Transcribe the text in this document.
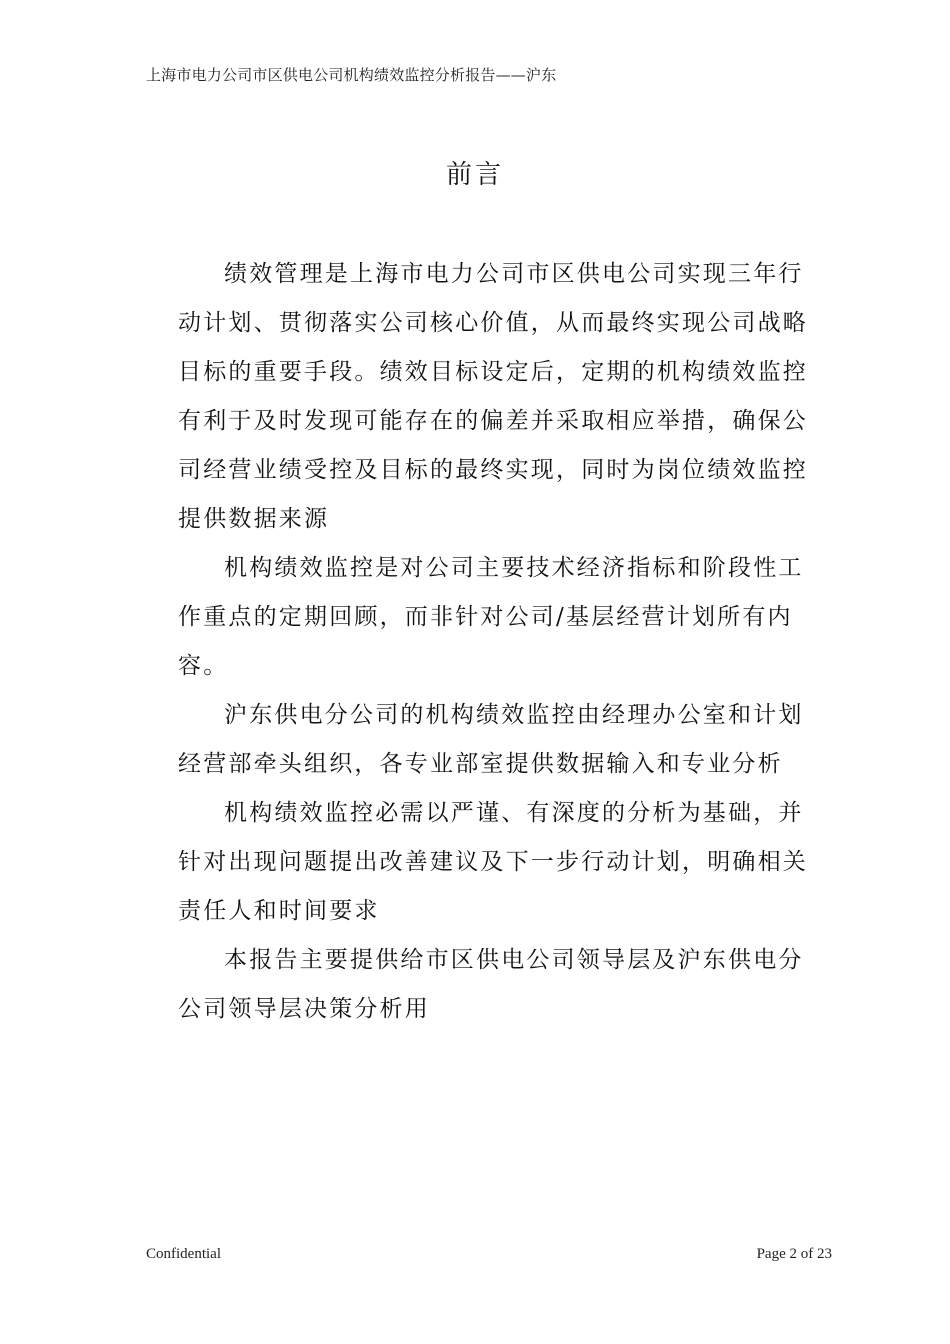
上海市电力公司市区供电公司机构绩效监控分析报告——沪东
前言

绩效管理是上海市电力公司市区供电公司实现三年行动计划、贯彻落实公司核心价值，从而最终实现公司战略目标的重要手段。绩效目标设定后，定期的机构绩效监控有利于及时发现可能存在的偏差并采取相应举措，确保公司经营业绩受控及目标的最终实现，同时为岗位绩效监控提供数据来源

机构绩效监控是对公司主要技术经济指标和阶段性工作重点的定期回顾，而非针对公司/基层经营计划所有内容。

沪东供电分公司的机构绩效监控由经理办公室和计划经营部牵头组织，各专业部室提供数据输入和专业分析

机构绩效监控必需以严谨、有深度的分析为基础，并针对出现问题提出改善建议及下一步行动计划，明确相关责任人和时间要求

本报告主要提供给市区供电公司领导层及沪东供电分公司领导层决策分析用

Confidential	Page 2 of 23
